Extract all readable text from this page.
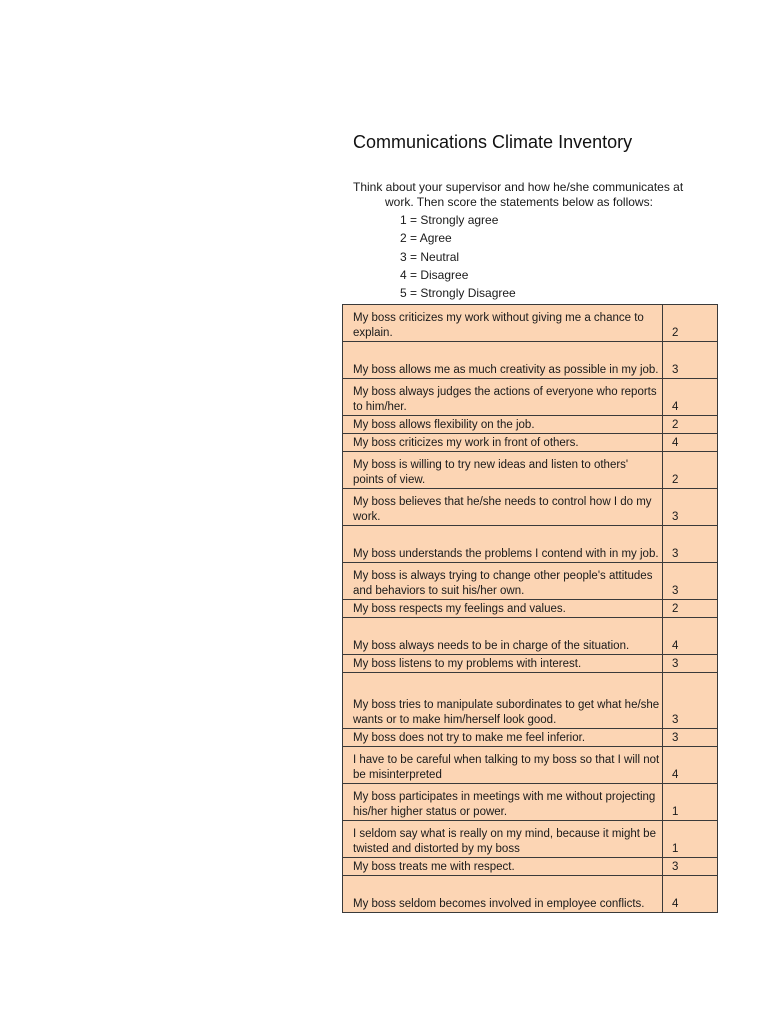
Communications Climate Inventory
Think about your supervisor and how he/she communicates at
work. Then score the statements below as follows:
1 = Strongly agree
2 = Agree
3 = Neutral
4 = Disagree
5 = Strongly Disagree
My boss criticizes my work without giving me a chance to explain.	2
My boss allows me as much creativity as possible in my job.	3
My boss always judges the actions of everyone who reports to him/her.	4
My boss allows flexibility on the job.	2
My boss criticizes my work in front of others.	4
My boss is willing to try new ideas and listen to others' points of view.	2
My boss believes that he/she needs to control how I do my work.	3
My boss understands the problems I contend with in my job.	3
My boss is always trying to change other people's attitudes and behaviors to suit his/her own.	3
My boss respects my feelings and values.	2
My boss always needs to be in charge of the situation.	4
My boss listens to my problems with interest.	3
My boss tries to manipulate subordinates to get what he/she wants or to make him/herself look good.	3
My boss does not try to make me feel inferior.	3
I have to be careful when talking to my boss so that I will not be misinterpreted	4
My boss participates in meetings with me without projecting his/her higher status or power.	1
I seldom say what is really on my mind, because it might be twisted and distorted by my boss	1
My boss treats me with respect.	3
My boss seldom becomes involved in employee conflicts.	4
